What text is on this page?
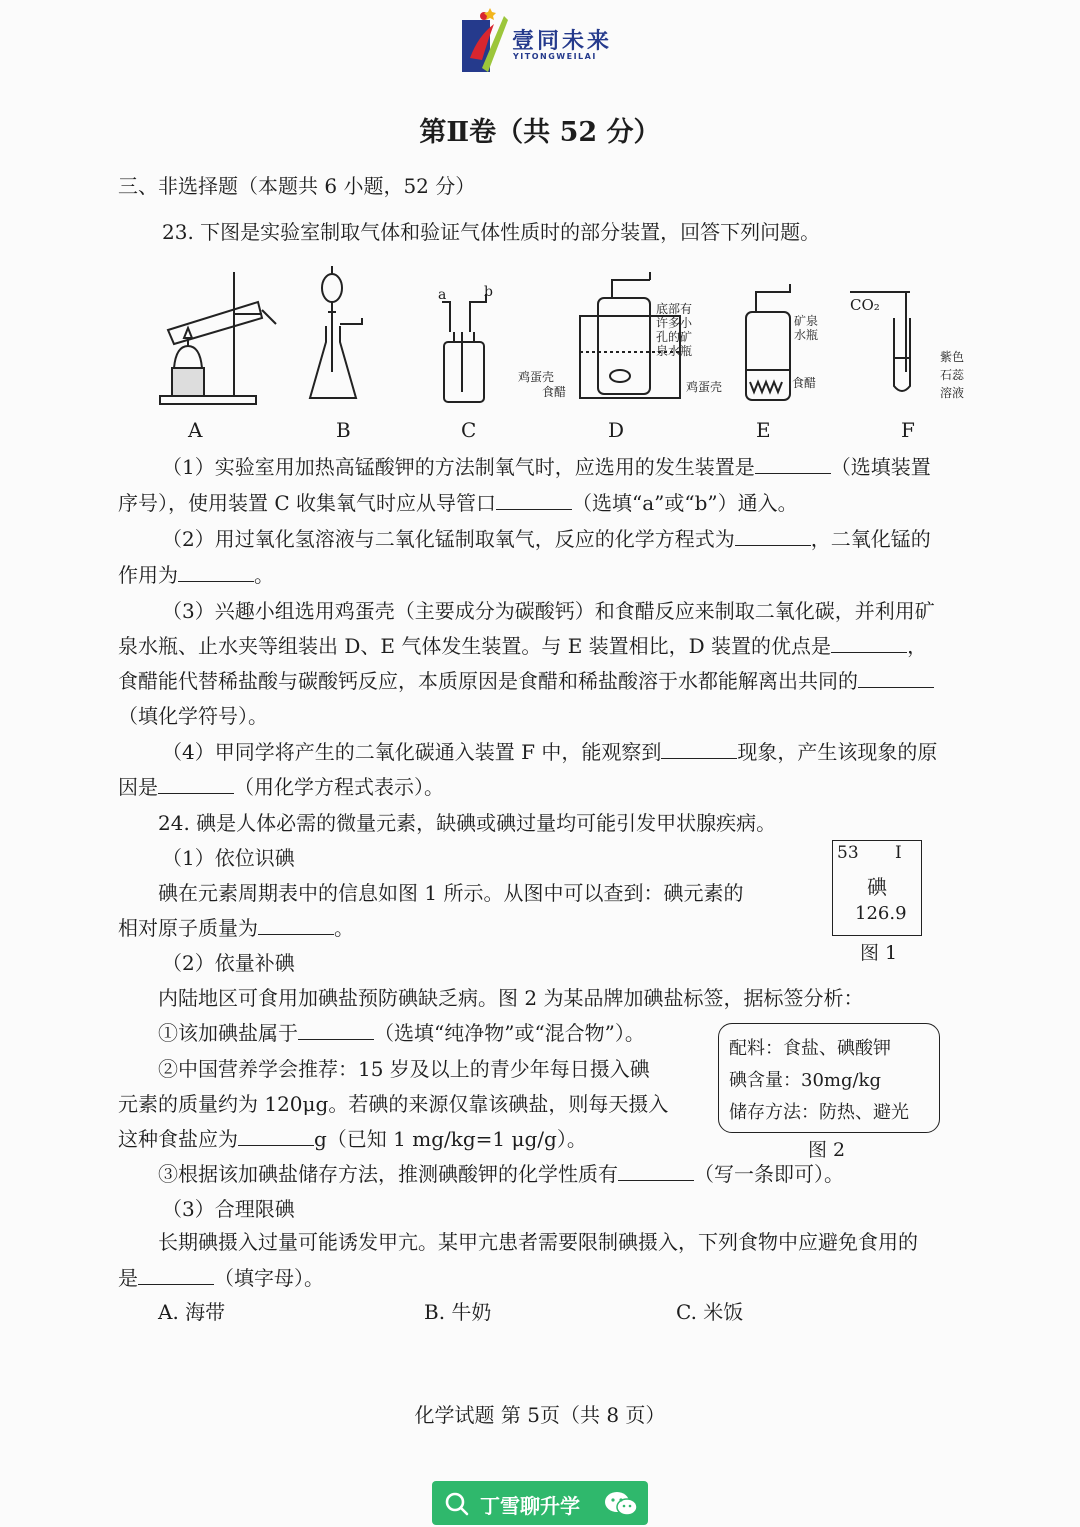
壹同未来
YITONGWEILAI
第Ⅱ卷（共 52 分）
三、非选择题（本题共 6 小题，52 分）
23. 下图是实验室制取气体和验证气体性质时的部分装置，回答下列问题。
a	b
底部有
许多小
孔的矿
泉水瓶
鸡蛋壳
食醋
矿泉
水瓶
鸡蛋壳	食醋
CO₂
紫色
石蕊
溶液
A	B	C	D	E	F
（1）实验室用加热高锰酸钾的方法制氧气时，应选用的发生装置是	（选填装置
序号），使用装置 C 收集氧气时应从导管口	（选填“a”或“b”）通入。
（2）用过氧化氢溶液与二氧化锰制取氧气，反应的化学方程式为	，二氧化锰的
作用为	。
（3）兴趣小组选用鸡蛋壳（主要成分为碳酸钙）和食醋反应来制取二氧化碳，并利用矿
泉水瓶、止水夹等组装出 D、E 气体发生装置。与 E 装置相比，D 装置的优点是	，
食醋能代替稀盐酸与碳酸钙反应，本质原因是食醋和稀盐酸溶于水都能解离出共同的
（填化学符号）。
（4）甲同学将产生的二氧化碳通入装置 F 中，能观察到	现象，产生该现象的原
因是	（用化学方程式表示）。
24. 碘是人体必需的微量元素，缺碘或碘过量均可能引发甲状腺疾病。
（1）依位识碘
碘在元素周期表中的信息如图 1 所示。从图中可以查到：碘元素的
相对原子质量为	。
53 I
碘
126.9
图 1
（2）依量补碘
内陆地区可食用加碘盐预防碘缺乏病。图 2 为某品牌加碘盐标签，据标签分析：
①该加碘盐属于	（选填“纯净物”或“混合物”）。
②中国营养学会推荐：15 岁及以上的青少年每日摄入碘
元素的质量约为 120μg。若碘的来源仅靠该碘盐，则每天摄入
这种食盐应为	g（已知 1 mg/kg=1 μg/g）。
配料：食盐、碘酸钾
碘含量：30mg/kg
储存方法：防热、避光
图 2
③根据该加碘盐储存方法，推测碘酸钾的化学性质有	（写一条即可）。
（3）合理限碘
长期碘摄入过量可能诱发甲亢。某甲亢患者需要限制碘摄入，下列食物中应避免食用的
是	（填字母）。
A. 海带	B. 牛奶	C. 米饭
化学试题 第 5页（共 8 页）
丁雪聊升学
